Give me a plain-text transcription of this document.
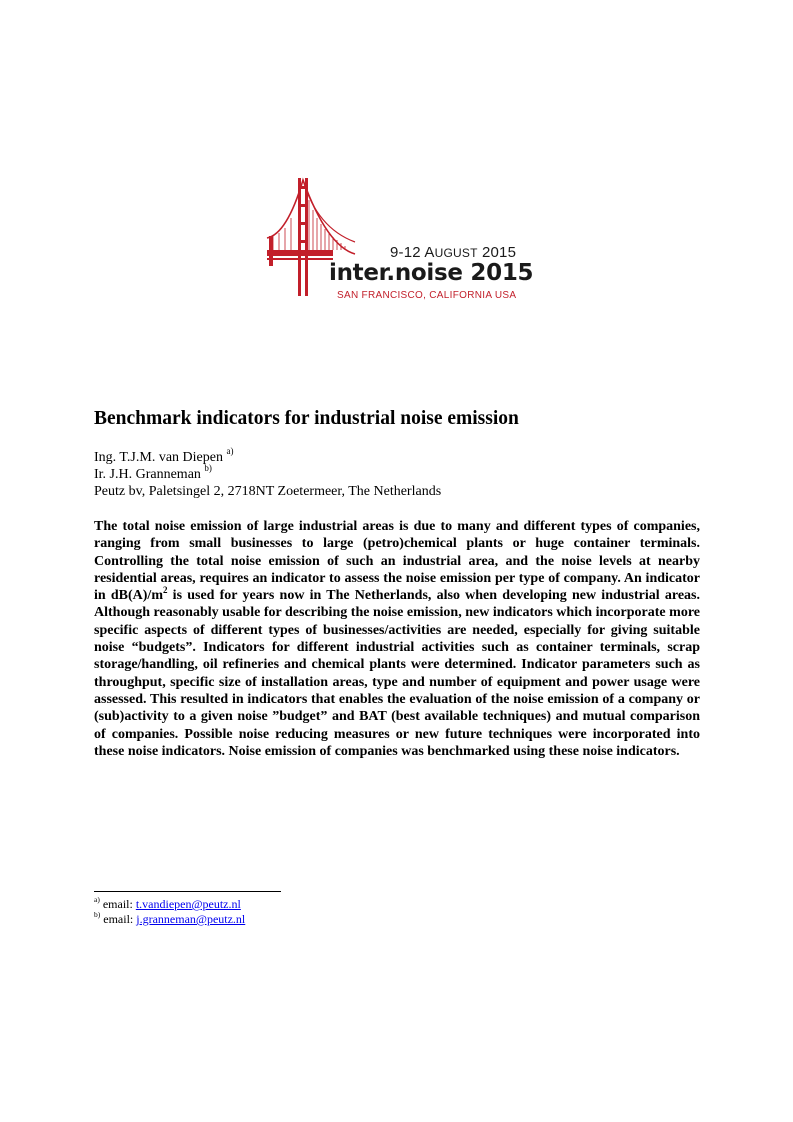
9-12 AUGUST 2015
inter.noise 2015
SAN FRANCISCO, CALIFORNIA USA
Benchmark indicators for industrial noise emission
Ing. T.J.M. van Diepen $^{a)}$
Ir. J.H. Granneman $^{b)}$
Peutz bv, Paletsingel 2, 2718NT Zoetermeer, The Netherlands

The total noise emission of large industrial areas is due to many and different types of companies, ranging from small businesses to large (petro)chemical plants or huge container terminals. Controlling the total noise emission of such an industrial area, and the noise levels at nearby residential areas, requires an indicator to assess the noise emission per type of company. An indicator in $dB(A)/m^2$ is used for years now in The Netherlands, also when developing new industrial areas. Although reasonably usable for describing the noise emission, new indicators which incorporate more specific aspects of different types of businesses/activities are needed, especially for giving suitable noise “budgets”. Indicators for different industrial activities such as container terminals, scrap storage/handling, oil refineries and chemical plants were determined. Indicator parameters such as throughput, specific size of installation areas, type and number of equipment and power usage were assessed. This resulted in indicators that enables the evaluation of the noise emission of a company or (sub)activity to a given noise ”budget” and BAT (best available techniques) and mutual comparison of companies. Possible noise reducing measures or new future techniques were incorporated into these noise indicators. Noise emission of companies was benchmarked using these noise indicators.

$^{a)}$ email: t.vandiepen@peutz.nl
$^{b)}$ email: j.granneman@peutz.nl
